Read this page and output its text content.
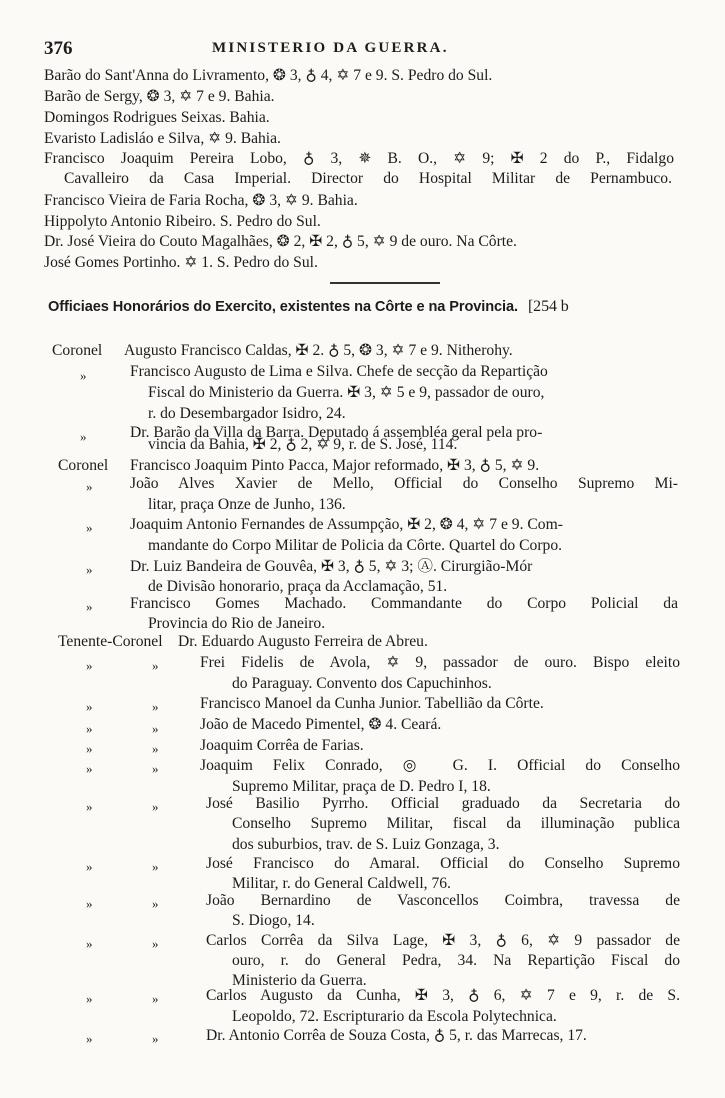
376	MINISTERIO DA GUERRA.
Barão do Sant'Anna do Livramento, ❂ 3, ♁ 4, ✡ 7 e 9. S. Pedro do Sul.
Barão de Sergy, ❂ 3, ✡ 7 e 9. Bahia.
Domingos Rodrigues Seixas. Bahia.
Evaristo Ladisláo e Silva, ✡ 9. Bahia.
Francisco Joaquim Pereira Lobo, ♁ 3, ✵ B. O., ✡ 9; ✠ 2 do P., Fidalgo
Cavalleiro da Casa Imperial. Director do Hospital Militar de Pernambuco.
Francisco Vieira de Faria Rocha, ❂ 3, ✡ 9. Bahia.
Hippolyto Antonio Ribeiro. S. Pedro do Sul.
Dr. José Vieira do Couto Magalhães, ❂ 2, ✠ 2, ♁ 5, ✡ 9 de ouro. Na Côrte.
José Gomes Portinho. ✡ 1. S. Pedro do Sul.
Officiaes Honorários do Exercito, existentes na Côrte e na Provincia. [254 b
Coronel
Coronel
Tenente-Coronel
»
»
»
»
»
»
»
»
»
»
»
»
»
»
»
»
»
»
»
»
»
»
»
»
»
»
»
»
Augusto Francisco Caldas, ✠ 2. ♁ 5, ❂ 3, ✡ 7 e 9. Nitherohy.
Francisco Augusto de Lima e Silva. Chefe de secção da Repartição
Fiscal do Ministerio da Guerra. ✠ 3, ✡ 5 e 9, passador de ouro,
r. do Desembargador Isidro, 24.
Dr. Barão da Villa da Barra. Deputado á assembléa geral pela pro-
vincia da Bahia, ✠ 2, ♁ 2, ✡ 9, r. de S. José, 114.
Francisco Joaquim Pinto Pacca, Major reformado, ✠ 3, ♁ 5, ✡ 9.
João Alves Xavier de Mello, Official do Conselho Supremo Mi-
litar, praça Onze de Junho, 136.
Joaquim Antonio Fernandes de Assumpção, ✠ 2, ❂ 4, ✡ 7 e 9. Com-
mandante do Corpo Militar de Policia da Côrte. Quartel do Corpo.
Dr. Luiz Bandeira de Gouvêa, ✠ 3, ♁ 5, ✡ 3; Ⓐ. Cirurgião-Mór
de Divisão honorario, praça da Acclamação, 51.
Francisco Gomes Machado. Commandante do Corpo Policial da
Provincia do Rio de Janeiro.
Dr. Eduardo Augusto Ferreira de Abreu.
Frei Fidelis de Avola, ✡ 9, passador de ouro. Bispo eleito
do Paraguay. Convento dos Capuchinhos.
Francisco Manoel da Cunha Junior. Tabellião da Côrte.
João de Macedo Pimentel, ❂ 4. Ceará.
Joaquim Corrêa de Farias.
Joaquim Felix Conrado, ◎ G. I. Official do Conselho
Supremo Militar, praça de D. Pedro I, 18.
José Basilio Pyrrho. Official graduado da Secretaria do
Conselho Supremo Militar, fiscal da illuminação publica
dos suburbios, trav. de S. Luiz Gonzaga, 3.
José Francisco do Amaral. Official do Conselho Supremo
Militar, r. do General Caldwell, 76.
João Bernardino de Vasconcellos Coimbra, travessa de
S. Diogo, 14.
Carlos Corrêa da Silva Lage, ✠ 3, ♁ 6, ✡ 9 passador de
ouro, r. do General Pedra, 34. Na Repartição Fiscal do
Ministerio da Guerra.
Carlos Augusto da Cunha, ✠ 3, ♁ 6, ✡ 7 e 9, r. de S.
Leopoldo, 72. Escripturario da Escola Polytechnica.
Dr. Antonio Corrêa de Souza Costa, ♁ 5, r. das Marrecas, 17.
